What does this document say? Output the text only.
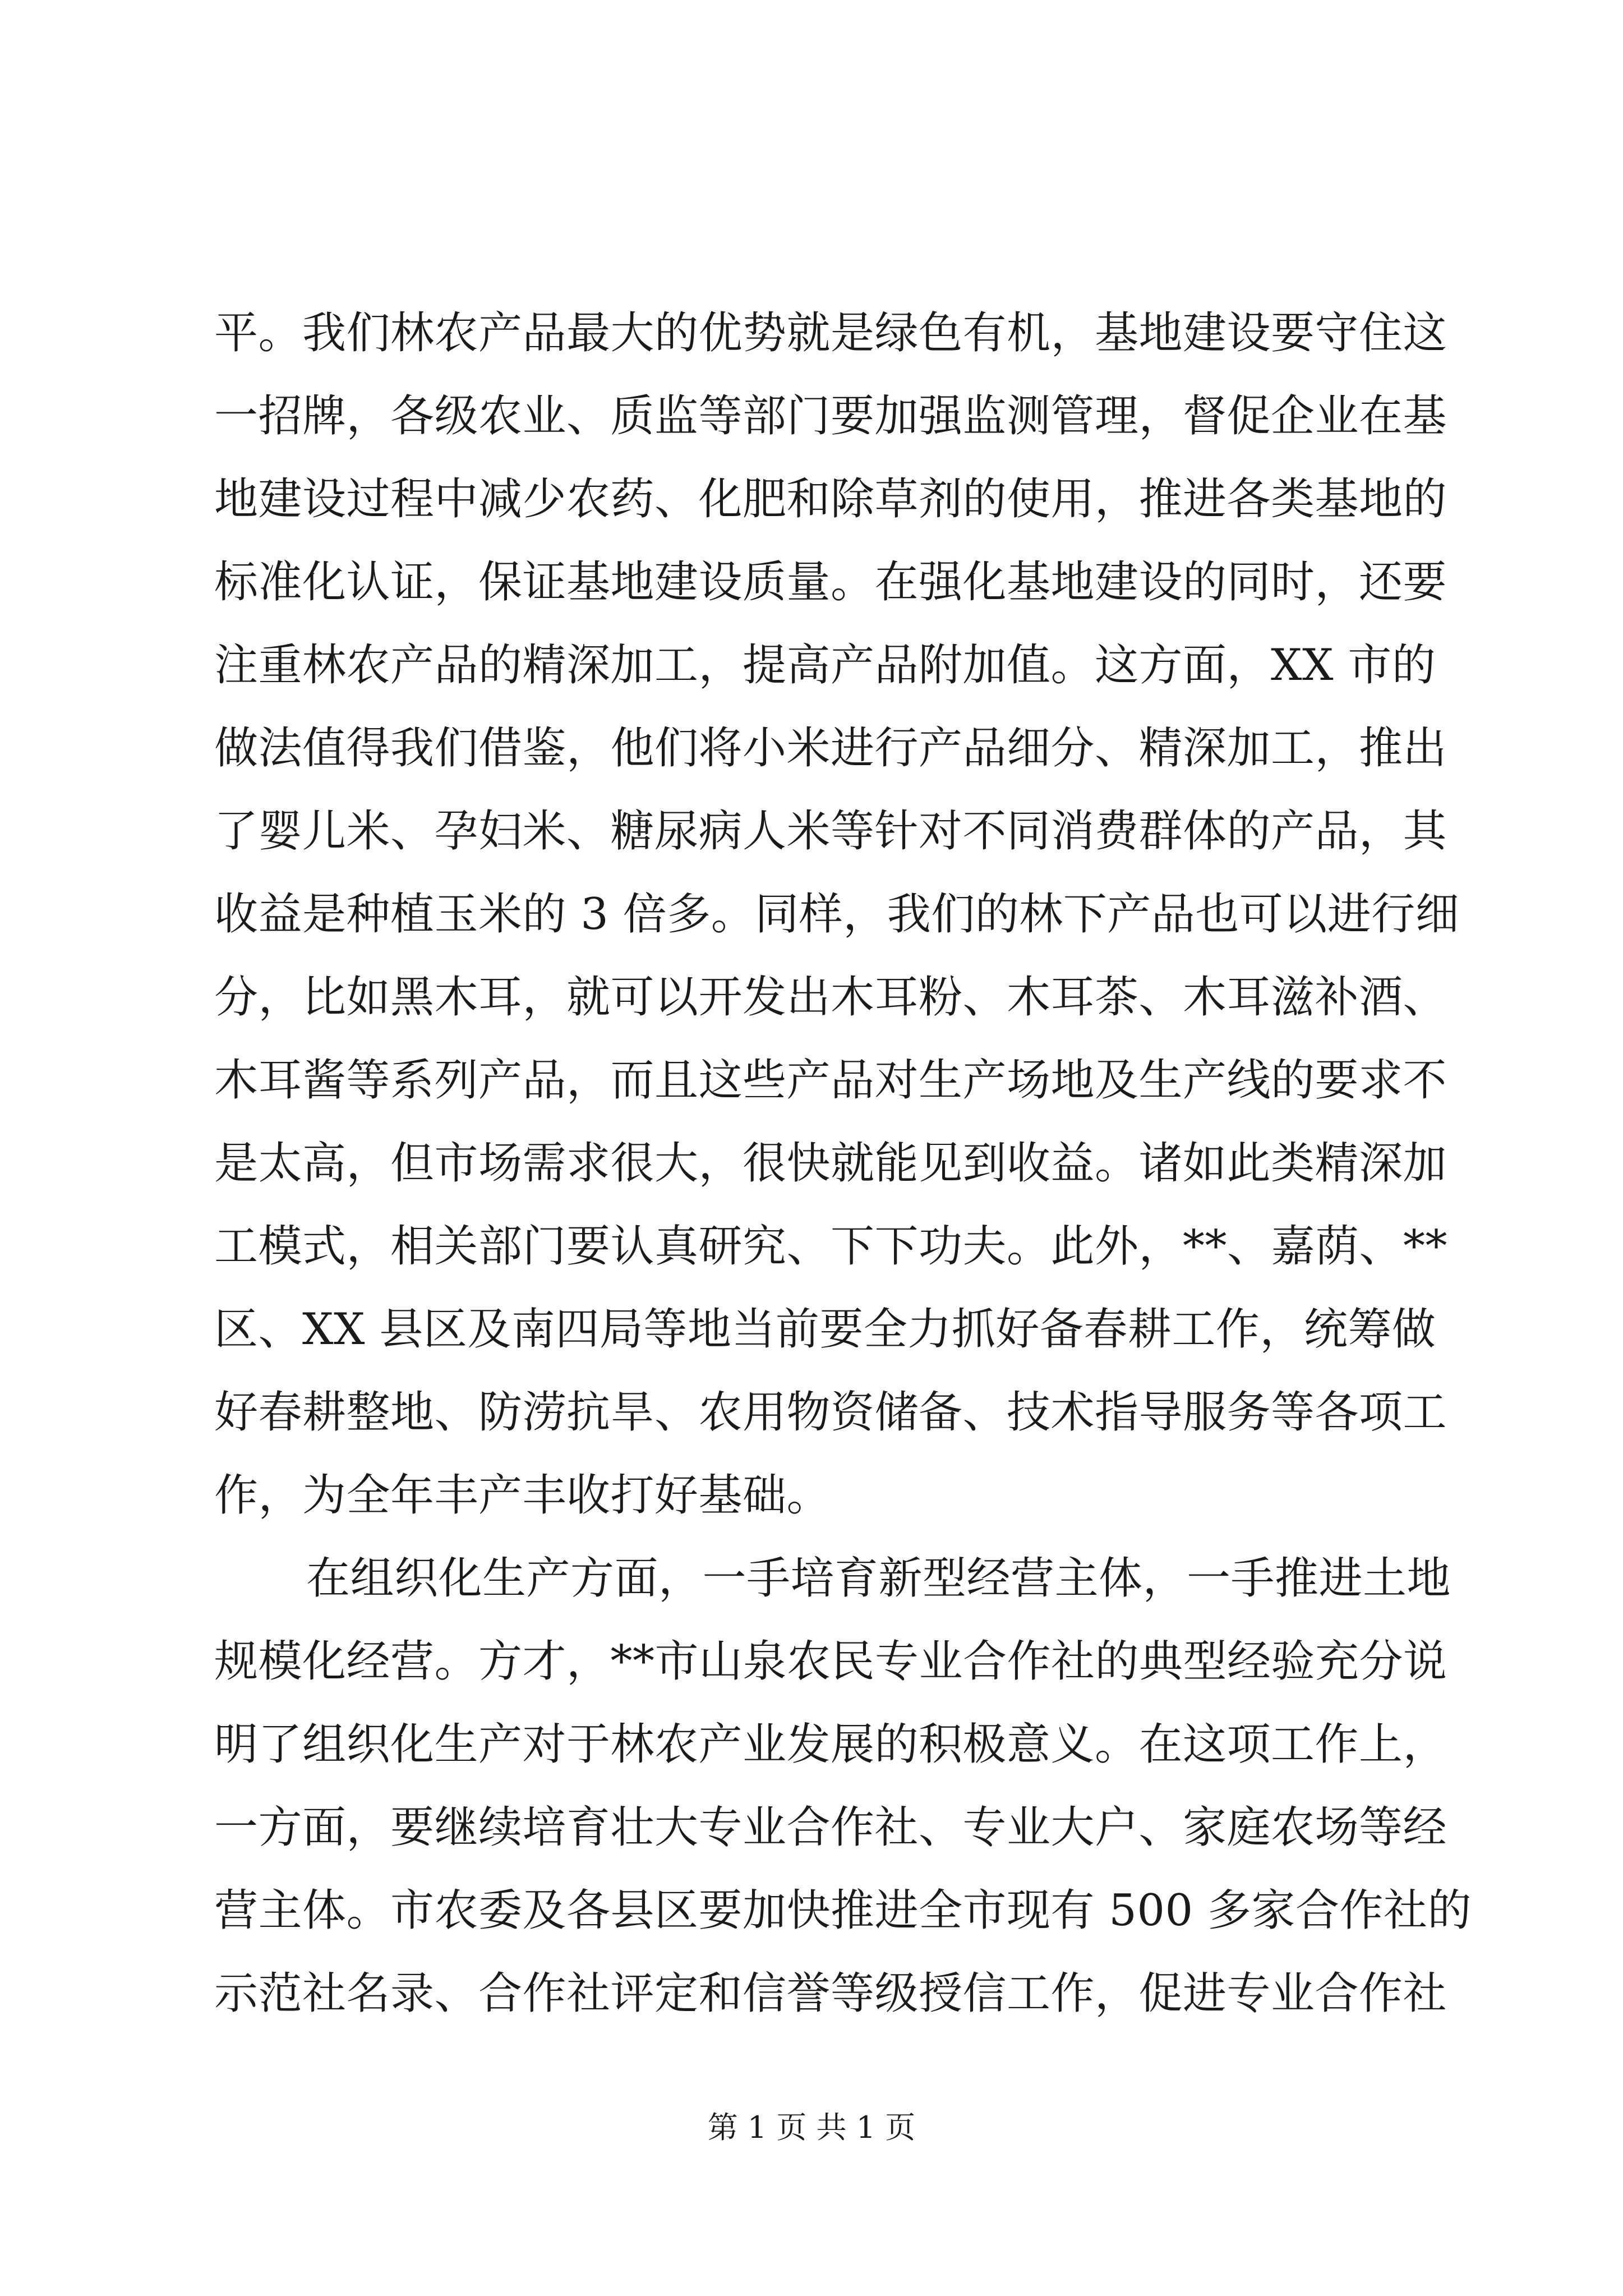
平。我们林农产品最大的优势就是绿色有机，基地建设要守住这
一招牌，各级农业、质监等部门要加强监测管理，督促企业在基
地建设过程中减少农药、化肥和除草剂的使用，推进各类基地的
标准化认证，保证基地建设质量。在强化基地建设的同时，还要
注重林农产品的精深加工，提高产品附加值。这方面，XX 市的
做法值得我们借鉴，他们将小米进行产品细分、精深加工，推出
了婴儿米、孕妇米、糖尿病人米等针对不同消费群体的产品，其
收益是种植玉米的 3 倍多。同样，我们的林下产品也可以进行细
分，比如黑木耳，就可以开发出木耳粉、木耳茶、木耳滋补酒、
木耳酱等系列产品，而且这些产品对生产场地及生产线的要求不
是太高，但市场需求很大，很快就能见到收益。诸如此类精深加
工模式，相关部门要认真研究、下下功夫。此外，**、嘉荫、**
区、XX 县区及南四局等地当前要全力抓好备春耕工作，统筹做
好春耕整地、防涝抗旱、农用物资储备、技术指导服务等各项工
作，为全年丰产丰收打好基础。
在组织化生产方面，一手培育新型经营主体，一手推进土地
规模化经营。方才，**市山泉农民专业合作社的典型经验充分说
明了组织化生产对于林农产业发展的积极意义。在这项工作上，
一方面，要继续培育壮大专业合作社、专业大户、家庭农场等经
营主体。市农委及各县区要加快推进全市现有 500 多家合作社的
示范社名录、合作社评定和信誉等级授信工作，促进专业合作社
第 1 页 共 1 页
